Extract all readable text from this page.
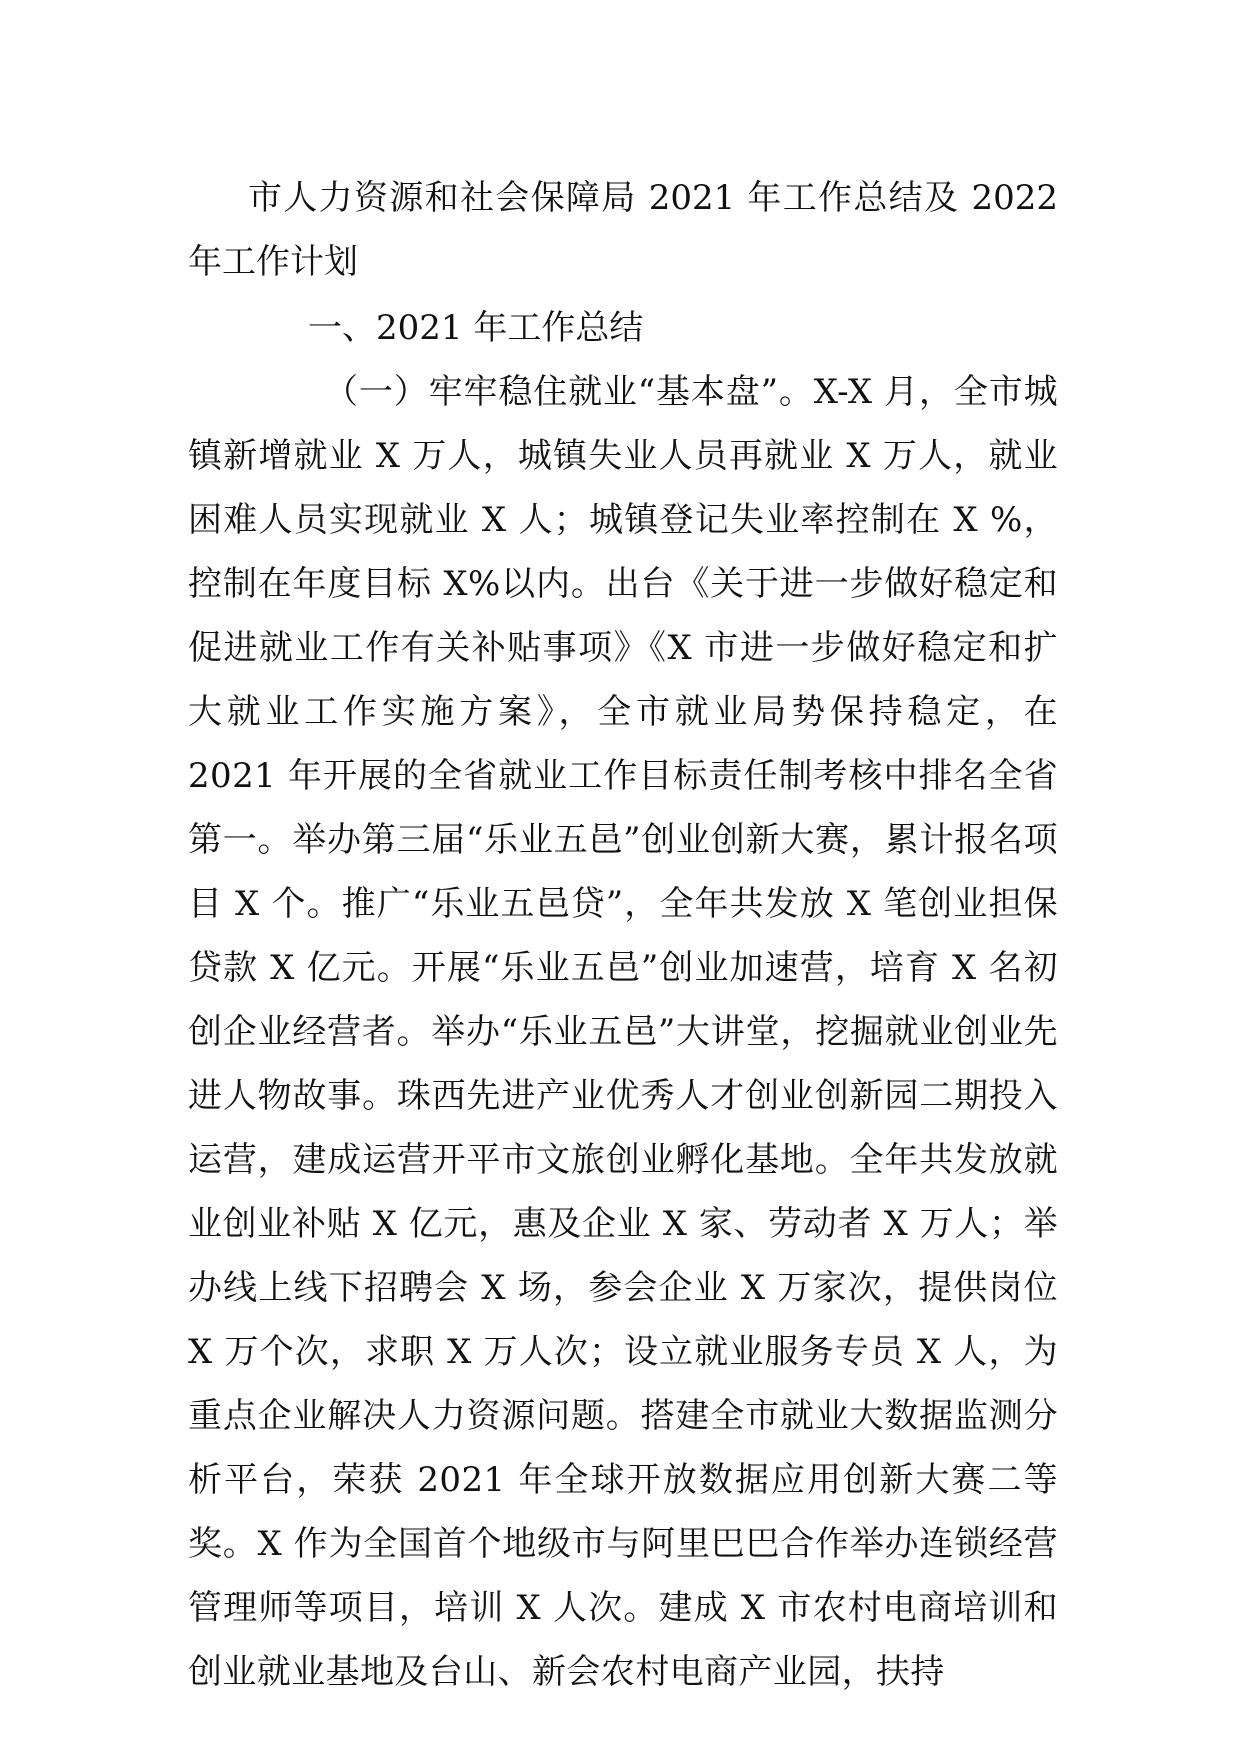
市人力资源和社会保障局 2021 年工作总结及 2022 年工作计划
一、2021 年工作总结

（一）牢牢稳住就业“基本盘”。X-X 月，全市城镇新增就业 X 万人，城镇失业人员再就业 X 万人，就业困难人员实现就业 X 人；城镇登记失业率控制在 X %，控制在年度目标 X%以内。出台《关于进一步做好稳定和促进就业工作有关补贴事项》《X 市进一步做好稳定和扩大就业工作实施方案》，全市就业局势保持稳定，在 2021 年开展的全省就业工作目标责任制考核中排名全省第一。举办第三届“乐业五邑”创业创新大赛，累计报名项目 X 个。推广“乐业五邑贷”，全年共发放 X 笔创业担保贷款 X 亿元。开展“乐业五邑”创业加速营，培育 X 名初创企业经营者。举办“乐业五邑”大讲堂，挖掘就业创业先进人物故事。珠西先进产业优秀人才创业创新园二期投入运营，建成运营开平市文旅创业孵化基地。全年共发放就业创业补贴 X 亿元，惠及企业 X 家、劳动者 X 万人；举办线上线下招聘会 X 场，参会企业 X 万家次，提供岗位 X 万个次，求职 X 万人次；设立就业服务专员 X 人，为重点企业解决人力资源问题。搭建全市就业大数据监测分析平台，荣获 2021 年全球开放数据应用创新大赛二等奖。X 作为全国首个地级市与阿里巴巴合作举办连锁经营管理师等项目，培训 X 人次。建成 X 市农村电商培训和创业就业基地及台山、新会农村电商产业园，扶持
